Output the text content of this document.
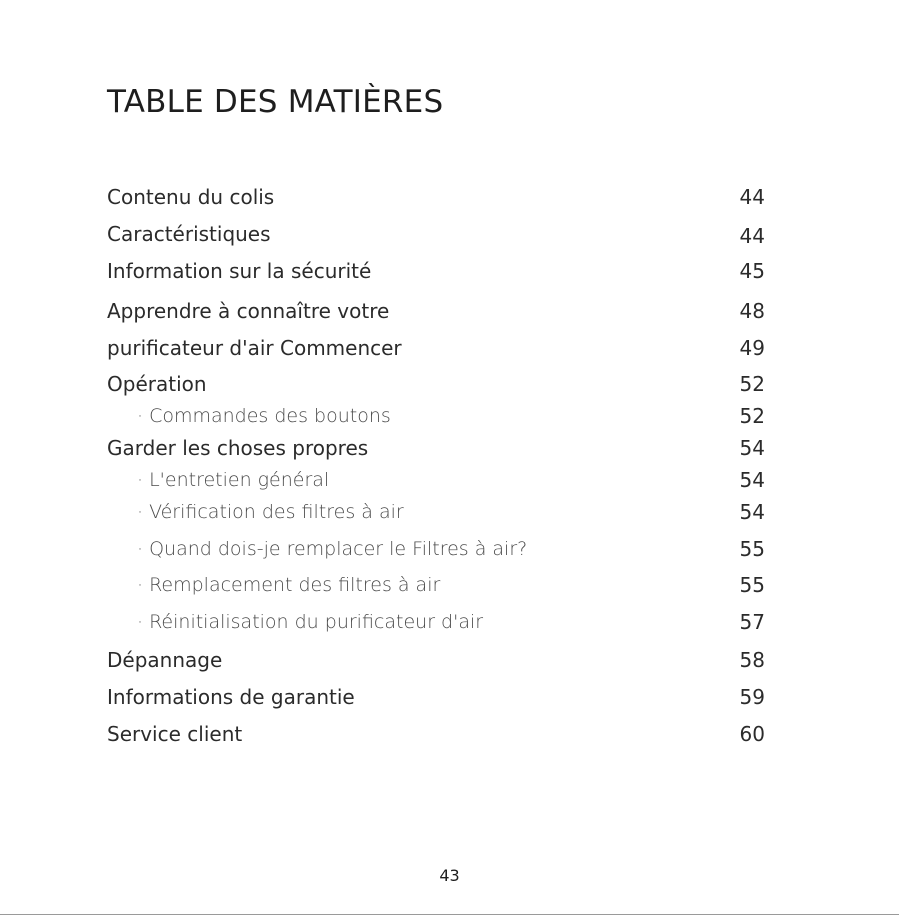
TABLE DES MATIÈRES
Contenu du colis	44
Caractéristiques	44
Information sur la sécurité	45
Apprendre à connaître votre	48
purificateur d'air Commencer	49
Opération	52
· Commandes des boutons	52
Garder les choses propres	54
· L'entretien général	54
· Vérification des filtres à air	54
· Quand dois-je remplacer le Filtres à air?	55
· Remplacement des filtres à air	55
· Réinitialisation du purificateur d'air	57
Dépannage	58
Informations de garantie	59
Service client	60
43
